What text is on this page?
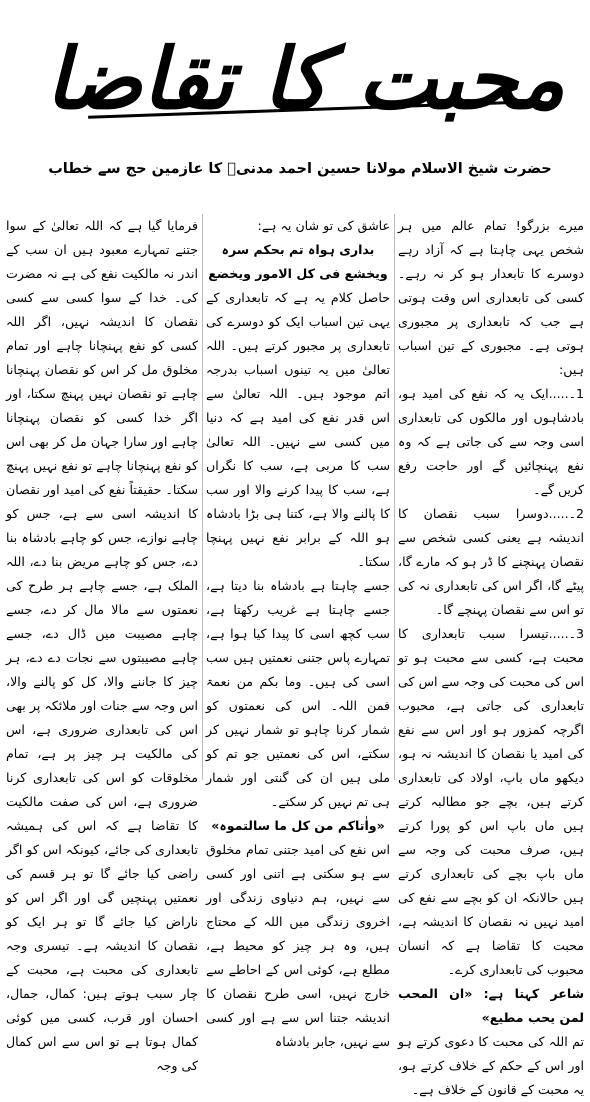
محبت کا تقاضا
حضرت شیخ الاسلام مولانا حسین احمد مدنیؒ کا عازمین حج سے خطاب

میرے بزرگو! تمام عالم میں ہر شخص یہی چاہتا ہے کہ آزاد رہے دوسرے کا تابعدار ہو کر نہ رہے۔ کسی کی تابعداری اس وقت ہوتی ہے جب کہ تابعداری پر مجبوری ہوتی ہے۔ مجبوری کے تین اسباب ہیں:

1۔.....ایک یہ کہ نفع کی امید ہو، بادشاہوں اور مالکوں کی تابعداری اسی وجہ سے کی جاتی ہے کہ وہ نفع پہنچائیں گے اور حاجت رفع کریں گے۔

2۔.....دوسرا سبب نقصان کا اندیشہ ہے یعنی کسی شخص سے نقصان پہنچنے کا ڈر ہو کہ مارے گا، پیٹے گا، اگر اس کی تابعداری نہ کی تو اس سے نقصان پہنچے گا۔

3۔.....تیسرا سبب تابعداری کا محبت ہے، کسی سے محبت ہو تو اس کی محبت کی وجہ سے اس کی تابعداری کی جاتی ہے، محبوب اگرچہ کمزور ہو اور اس سے نفع کی امید یا نقصان کا اندیشہ نہ ہو، دیکھو ماں باپ، اولاد کی تابعداری کرتے ہیں، بچے جو مطالبہ کرتے ہیں ماں باپ اس کو پورا کرتے ہیں، صرف محبت کی وجہ سے ماں باپ بچے کی تابعداری کرتے ہیں حالانکہ ان کو بچے سے نفع کی امید نہیں نہ نقصان کا اندیشہ ہے، محبت کا تقاضا ہے کہ انسان محبوب کی تابعداری کرے۔

شاعر کہتا ہے: «ان المحب لمن یحب مطیع»

تم اللہ کی محبت کا دعوی کرتے ہو اور اس کے حکم کے خلاف کرتے ہو، یہ محبت کے قانون کے خلاف ہے۔

عاشق کی تو شان یہ ہے:

بداری ہواہ تم بحکم سرہ ویخشع فی کل الامور ویخضع

حاصل کلام یہ ہے کہ تابعداری کے یہی تین اسباب ایک کو دوسرے کی تابعداری پر مجبور کرتے ہیں۔ اللہ تعالیٰ میں یہ تینوں اسباب بدرجہ اتم موجود ہیں۔ اللہ تعالیٰ سے اس قدر نفع کی امید ہے کہ دنیا میں کسی سے نہیں۔ اللہ تعالیٰ سب کا مربی ہے، سب کا نگراں ہے، سب کا پیدا کرنے والا اور سب کا پالنے والا ہے، کتنا ہی بڑا بادشاہ ہو اللہ کے برابر نفع نہیں پہنچا سکتا۔

جسے چاہتا ہے بادشاہ بنا دیتا ہے، جسے چاہتا ہے غریب رکھتا ہے، سب کچھ اسی کا پیدا کیا ہوا ہے، تمہارے پاس جتنی نعمتیں ہیں سب اسی کی ہیں۔ وما بکم من نعمۃ فمن اللہ۔ اس کی نعمتوں کو شمار کرنا چاہو تو شمار نہیں کر سکتے، اس کی نعمتیں جو تم کو ملی ہیں ان کی گنتی اور شمار ہی تم نہیں کر سکتے۔

«واٰتاکم من کل ما سالتموہ»

اس نفع کی امید جتنی تمام مخلوق سے ہو سکتی ہے اتنی اور کسی سے نہیں، ہم دنیاوی زندگی اور اخروی زندگی میں اللہ کے محتاج ہیں، وہ ہر چیز کو محیط ہے، مطلع ہے، کوئی اس کے احاطے سے خارج نہیں، اسی طرح نقصان کا اندیشہ جتنا اس سے ہے اور کسی سے نہیں، جابر بادشاہ

فرمایا گیا ہے کہ اللہ تعالیٰ کے سوا جتنے تمہارے معبود ہیں ان سب کے اندر نہ مالکیت نفع کی ہے نہ مضرت کی۔ خدا کے سوا کسی سے کسی نقصان کا اندیشہ نہیں، اگر اللہ کسی کو نفع پہنچانا چاہے اور تمام مخلوق مل کر اس کو نقصان پہنچانا چاہے تو نقصان نہیں پہنچ سکتا، اور اگر خدا کسی کو نقصان پہنچانا چاہے اور سارا جہان مل کر بھی اس کو نفع پہنچانا چاہے تو نفع نہیں پہنچ سکتا۔ حقیقتاً نفع کی امید اور نقصان کا اندیشہ اسی سے ہے، جس کو چاہے نوازے، جس کو چاہے بادشاہ بنا دے، جس کو چاہے مریض بنا دے، اللہ الملک ہے، جسے چاہے ہر طرح کی نعمتوں سے مالا مال کر دے، جسے چاہے مصیبت میں ڈال دے، جسے چاہے مصیبتوں سے نجات دے دے، ہر چیز کا جاننے والا، کل کو پالنے والا، اس وجہ سے جنات اور ملائکہ پر بھی اس کی تابعداری ضروری ہے، اس کی مالکیت ہر چیز پر ہے، تمام مخلوقات کو اس کی تابعداری کرنا ضروری ہے، اس کی صفت مالکیت کا تقاضا ہے کہ اس کی ہمیشہ تابعداری کی جائے، کیونکہ اس کو اگر راضی کیا جائے گا تو ہر قسم کی نعمتیں پہنچیں گی اور اگر اس کو ناراض کیا جائے گا تو ہر ایک کو نقصان کا اندیشہ ہے۔ تیسری وجہ تابعداری کی محبت ہے، محبت کے چار سبب ہوتے ہیں: کمال، جمال، احسان اور قرب، کسی میں کوئی کمال ہوتا ہے تو اس سے اس کمال کی وجہ
